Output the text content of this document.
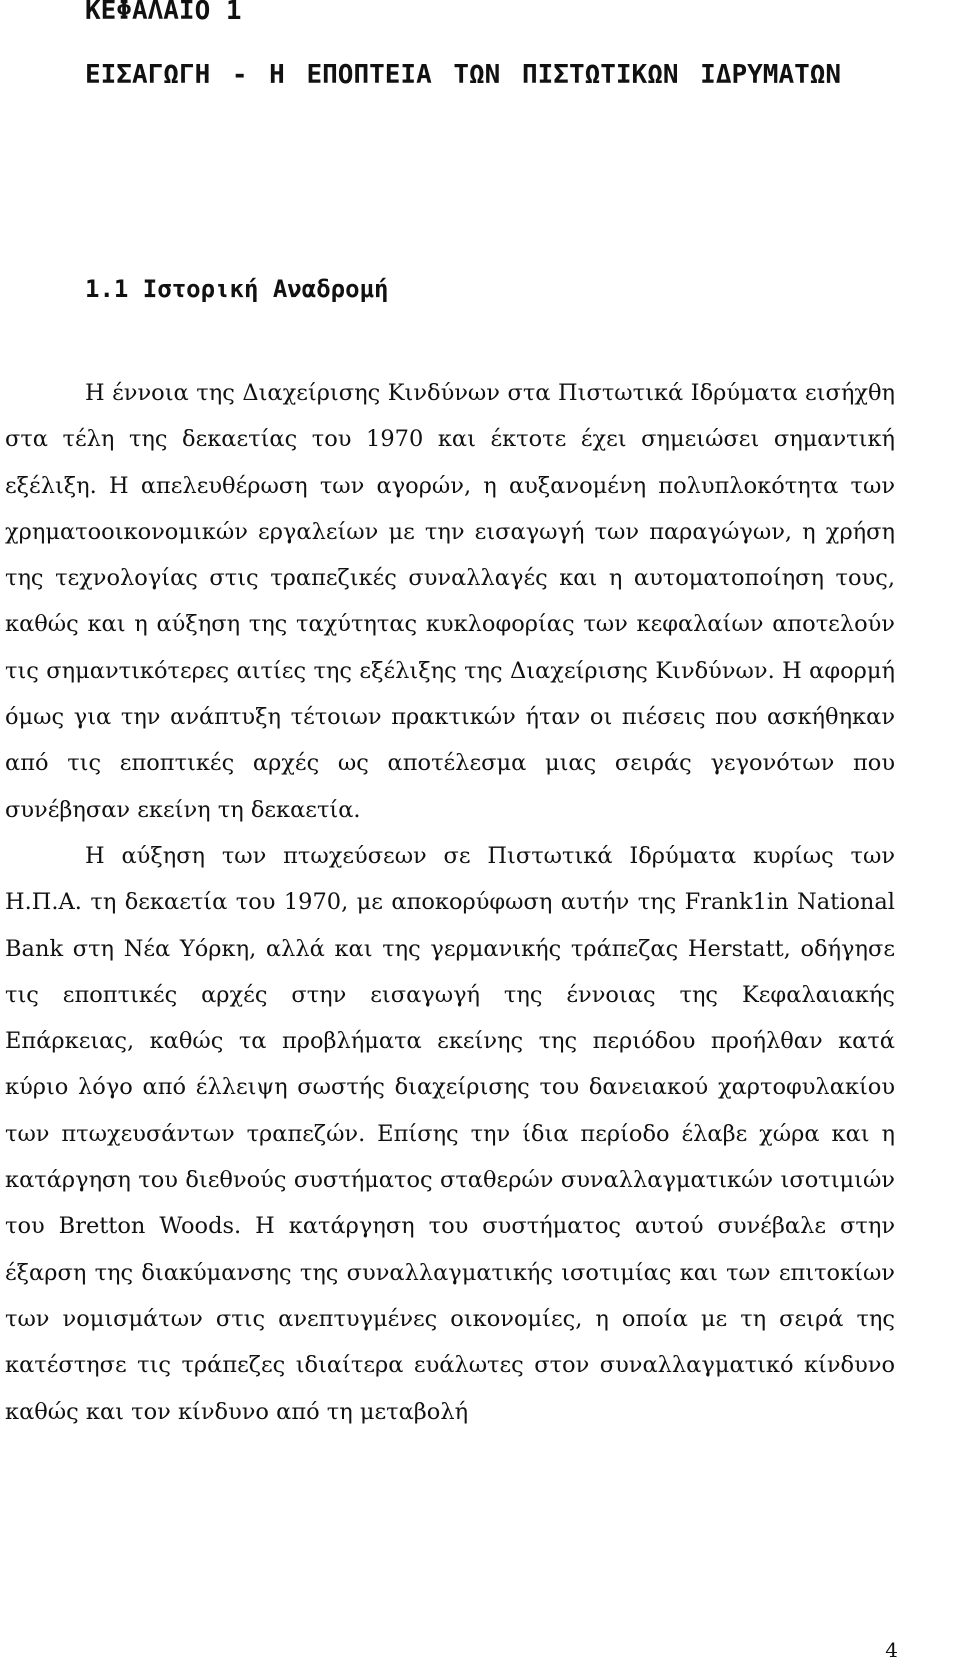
ΚΕΦΑΛΑΙΟ 1
ΕΙΣΑΓΩΓΗ - Η ΕΠΟΠΤΕΙΑ ΤΩΝ ΠΙΣΤΩΤΙΚΩΝ ΙΔΡΥΜΑΤΩΝ
1.1 Ιστορική Αναδρομή

Η έννοια της Διαχείρισης Κινδύνων στα Πιστωτικά Ιδρύματα εισήχθη στα τέλη της δεκαετίας του 1970 και έκτοτε έχει σημειώσει σημαντική εξέλιξη. Η απελευθέρωση των αγορών, η αυξανομένη πολυπλοκότητα των χρηματοοικονομικών εργαλείων με την εισαγωγή των παραγώγων, η χρήση της τεχνολογίας στις τραπεζικές συναλλαγές και η αυτοματοποίηση τους, καθώς και η αύξηση της ταχύτητας κυκλοφορίας των κεφαλαίων αποτελούν τις σημαντικότερες αιτίες της εξέλιξης της Διαχείρισης Κινδύνων. Η αφορμή όμως για την ανάπτυξη τέτοιων πρακτικών ήταν οι πιέσεις που ασκήθηκαν από τις εποπτικές αρχές ως αποτέλεσμα μιας σειράς γεγονότων που συνέβησαν εκείνη τη δεκαετία.

Η αύξηση των πτωχεύσεων σε Πιστωτικά Ιδρύματα κυρίως των Η.Π.Α. τη δεκαετία του 1970, με αποκορύφωση αυτήν της Frank1in National Bank στη Νέα Υόρκη, αλλά και της γερμανικής τράπεζας Herstatt, οδήγησε τις εποπτικές αρχές στην εισαγωγή της έννοιας της Κεφαλαιακής Επάρκειας, καθώς τα προβλήματα εκείνης της περιόδου προήλθαν κατά κύριο λόγο από έλλειψη σωστής διαχείρισης του δανειακού χαρτοφυλακίου των πτωχευσάντων τραπεζών. Επίσης την ίδια περίοδο έλαβε χώρα και η κατάργηση του διεθνούς συστήματος σταθερών συναλλαγματικών ισοτιμιών του Bretton Woods. Η κατάργηση του συστήματος αυτού συνέβαλε στην έξαρση της διακύμανσης της συναλλαγματικής ισοτιμίας και των επιτοκίων των νομισμάτων στις ανεπτυγμένες οικονομίες, η οποία με τη σειρά της κατέστησε τις τράπεζες ιδιαίτερα ευάλωτες στον συναλλαγματικό κίνδυνο καθώς και τον κίνδυνο από τη μεταβολή

4
